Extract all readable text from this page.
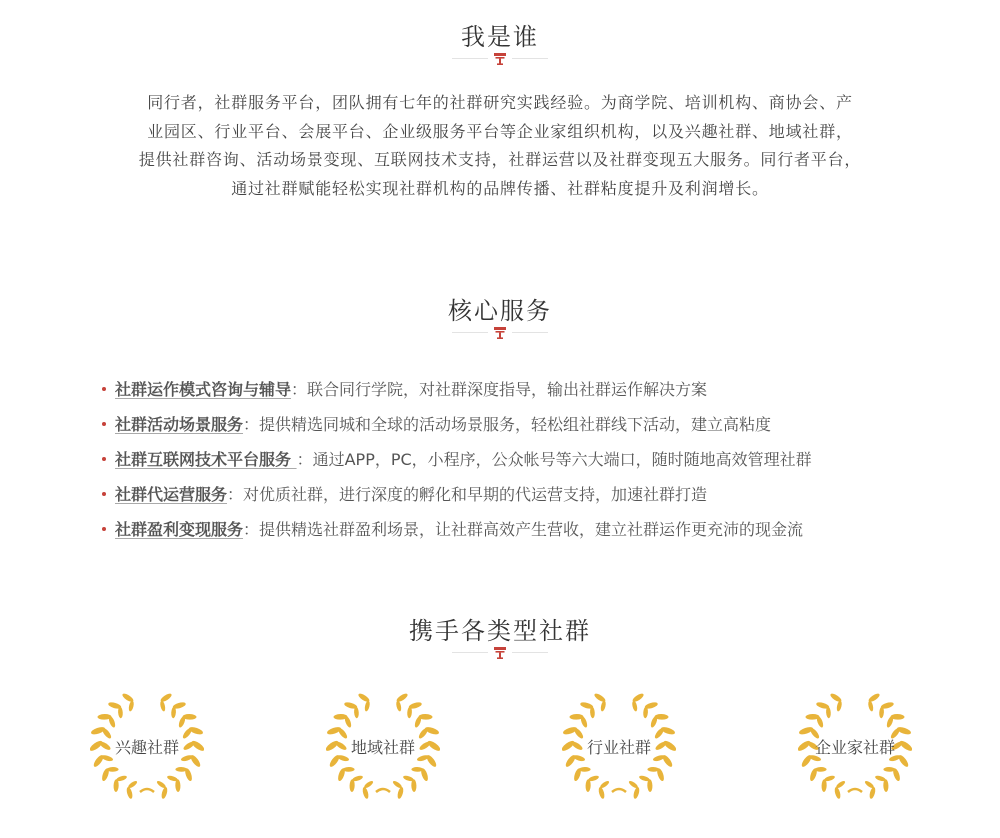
我是谁
同行者，社群服务平台，团队拥有七年的社群研究实践经验。为商学院、培训机构、商协会、产
业园区、行业平台、会展平台、企业级服务平台等企业家组织机构，以及兴趣社群、地域社群，
提供社群咨询、活动场景变现、互联网技术支持，社群运营以及社群变现五大服务。同行者平台，
通过社群赋能轻松实现社群机构的品牌传播、社群粘度提升及利润增长。
核心服务
社群运作模式咨询与辅导：联合同行学院，对社群深度指导，输出社群运作解决方案
社群活动场景服务：提供精选同城和全球的活动场景服务，轻松组社群线下活动，建立高粘度
社群互联网技术平台服务 ：通过APP，PC，小程序，公众帐号等六大端口，随时随地高效管理社群
社群代运营服务：对优质社群，进行深度的孵化和早期的代运营支持，加速社群打造
社群盈利变现服务：提供精选社群盈利场景，让社群高效产生营收，建立社群运作更充沛的现金流
携手各类型社群
兴趣社群	地域社群	行业社群	企业家社群
